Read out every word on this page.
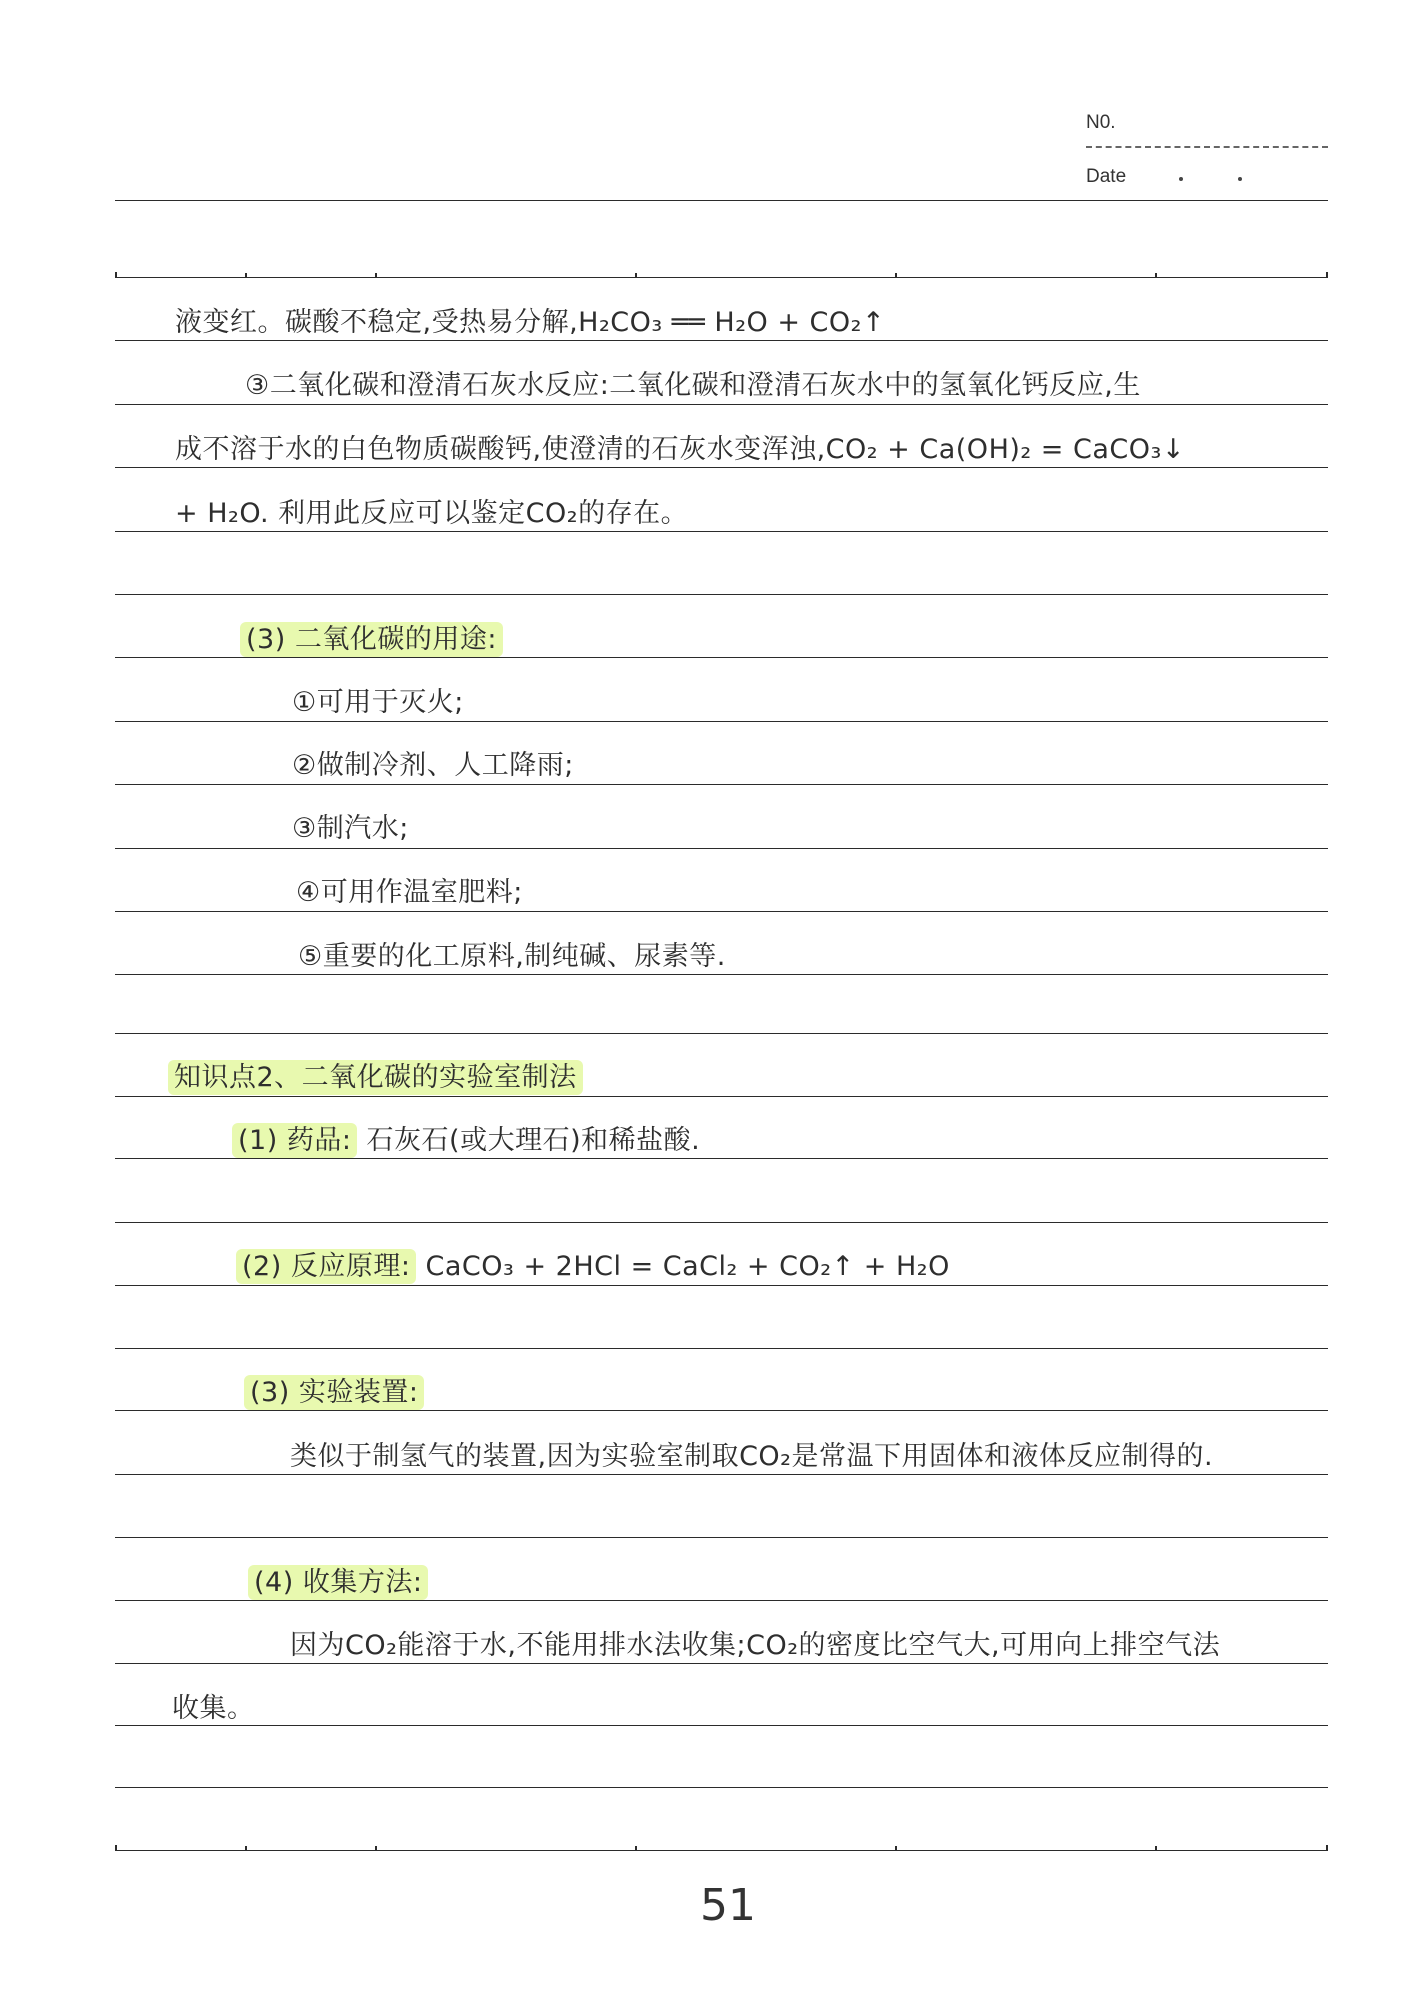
N0.
Date
液变红。碳酸不稳定,受热易分解,H₂CO₃ ══ H₂O + CO₂↑
③二氧化碳和澄清石灰水反应:二氧化碳和澄清石灰水中的氢氧化钙反应,生
成不溶于水的白色物质碳酸钙,使澄清的石灰水变浑浊,CO₂ + Ca(OH)₂ = CaCO₃↓
+ H₂O. 利用此反应可以鉴定CO₂的存在。
(3) 二氧化碳的用途:
①可用于灭火;
②做制冷剂、人工降雨;
③制汽水;
④可用作温室肥料;
⑤重要的化工原料,制纯碱、尿素等.
知识点2、二氧化碳的实验室制法
(1) 药品: 石灰石(或大理石)和稀盐酸.
(2) 反应原理: CaCO₃ + 2HCl = CaCl₂ + CO₂↑ + H₂O
(3) 实验装置:
类似于制氢气的装置,因为实验室制取CO₂是常温下用固体和液体反应制得的.
(4) 收集方法:
因为CO₂能溶于水,不能用排水法收集;CO₂的密度比空气大,可用向上排空气法
收集。
51
